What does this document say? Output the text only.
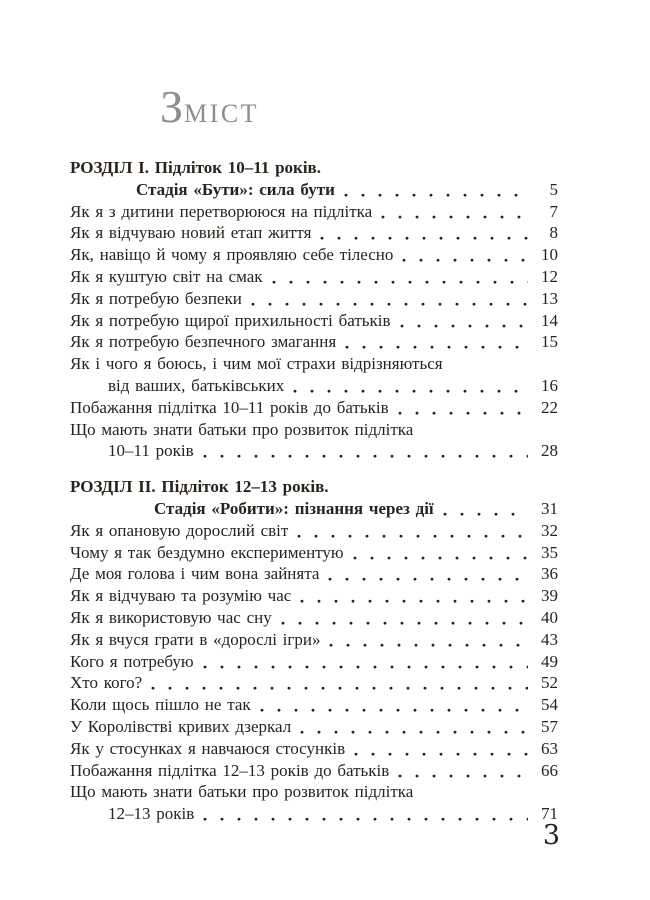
ЗМІСТ
РОЗДІЛ I. Підліток 10–11 років.
Стадія «Бути»: сила бути	5
Як я з дитини перетворююся на підлітка	7
Як я відчуваю новий етап життя	8
Як, навіщо й чому я проявляю себе тілесно	10
Як я куштую світ на смак	12
Як я потребую безпеки	13
Як я потребую щирої прихильності батьків	14
Як я потребую безпечного змагання	15
Як і чого я боюсь, і чим мої страхи відрізняються
від ваших, батьківських	16
Побажання підлітка 10–11 років до батьків	22
Що мають знати батьки про розвиток підлітка
10–11 років	28
РОЗДІЛ II. Підліток 12–13 років.
Стадія «Робити»: пізнання через дії	31
Як я опановую дорослий світ	32
Чому я так бездумно експериментую	35
Де моя голова і чим вона зайнята	36
Як я відчуваю та розумію час	39
Як я використовую час сну	40
Як я вчуся грати в «дорослі ігри»	43
Кого я потребую	49
Хто кого?	52
Коли щось пішло не так	54
У Королівстві кривих дзеркал	57
Як у стосунках я навчаюся стосунків	63
Побажання підлітка 12–13 років до батьків	66
Що мають знати батьки про розвиток підлітка
12–13 років	71
3
